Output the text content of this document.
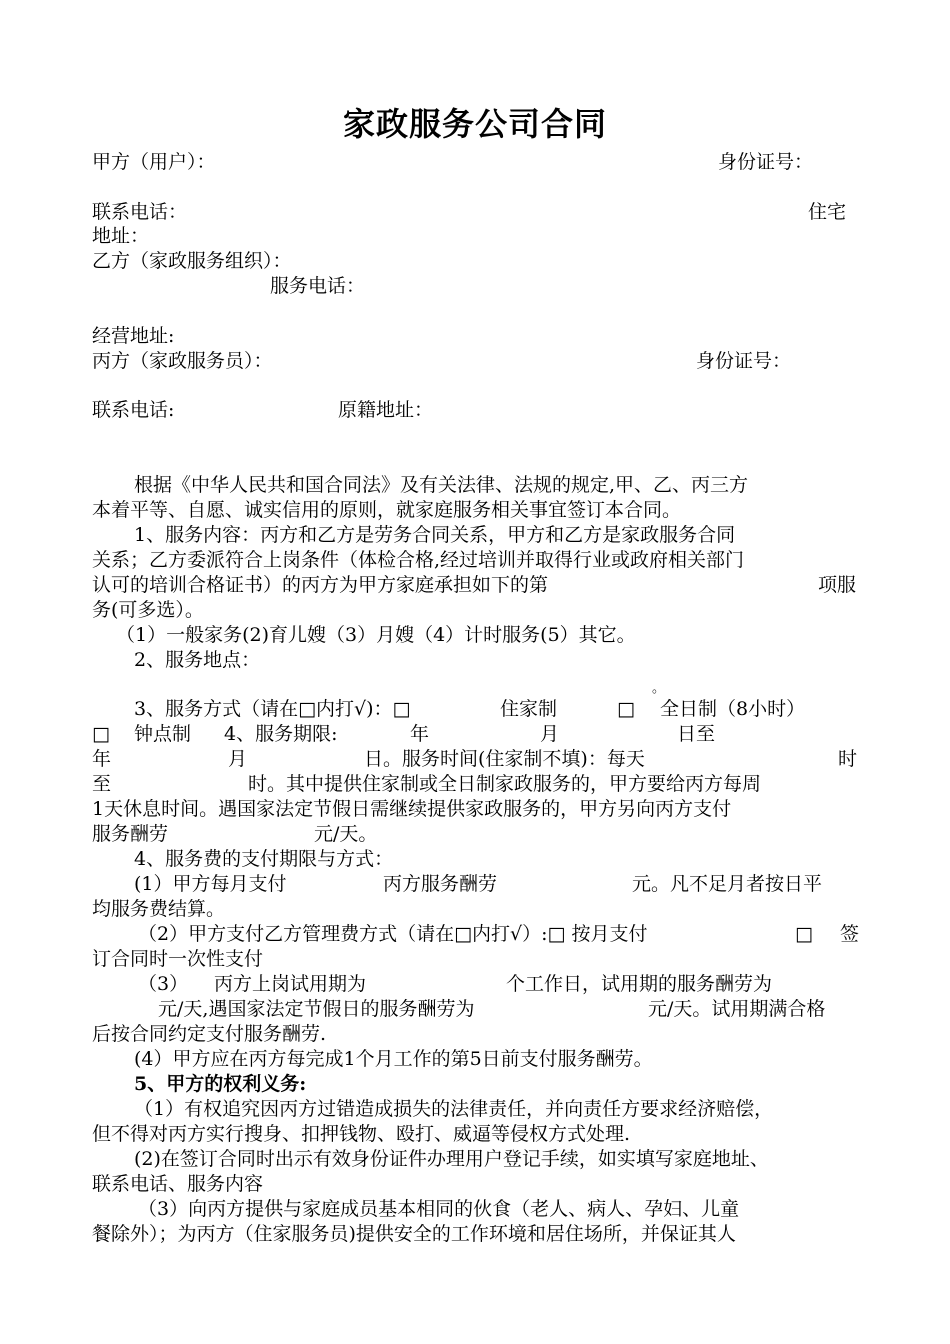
家政服务公司合同
甲方（用户）：	身份证号：
联系电话：	住宅
地址：
乙方（家政服务组织）：
服务电话：
经营地址:
丙方（家政服务员）：	身份证号：
联系电话:	原籍地址：
根据《中华人民共和国合同法》及有关法律、法规的规定,甲、乙、丙三方
本着平等、自愿、诚实信用的原则，就家庭服务相关事宜签订本合同。
1、服务内容：丙方和乙方是劳务合同关系，甲方和乙方是家政服务合同
关系；乙方委派符合上岗条件（体检合格,经过培训并取得行业或政府相关部门
认可的培训合格证书）的丙方为甲方家庭承担如下的第	项服
务(可多选）。
（1）一般家务(2)育儿嫂（3）月嫂（4）计时服务(5）其它。
2、服务地点：
。
3、服务方式（请在□内打√)：□	住家制	□ 全日制（8小时）
□ 钟点制 4、服务期限:	年	月	日至
年	月	日。服务时间(住家制不填)：每天	时
至	时。其中提供住家制或全日制家政服务的，甲方要给丙方每周
1天休息时间。遇国家法定节假日需继续提供家政服务的，甲方另向丙方支付
服务酬劳	元/天。
4、服务费的支付期限与方式：
(1）甲方每月支付	丙方服务酬劳	元。凡不足月者按日平
均服务费结算。
（2）甲方支付乙方管理费方式（请在□内打√）:□ 按月支付	□ 签
订合同时一次性支付
（3） 丙方上岗试用期为	个工作日，试用期的服务酬劳为
元/天,遇国家法定节假日的服务酬劳为	元/天。试用期满合格
后按合同约定支付服务酬劳.
(4）甲方应在丙方每完成1个月工作的第5日前支付服务酬劳。
5、甲方的权利义务:
（1）有权追究因丙方过错造成损失的法律责任，并向责任方要求经济赔偿，
但不得对丙方实行搜身、扣押钱物、殴打、威逼等侵权方式处理.
(2)在签订合同时出示有效身份证件办理用户登记手续，如实填写家庭地址、
联系电话、服务内容
（3）向丙方提供与家庭成员基本相同的伙食（老人、病人、孕妇、儿童
餐除外）；为丙方（住家服务员)提供安全的工作环境和居住场所，并保证其人
